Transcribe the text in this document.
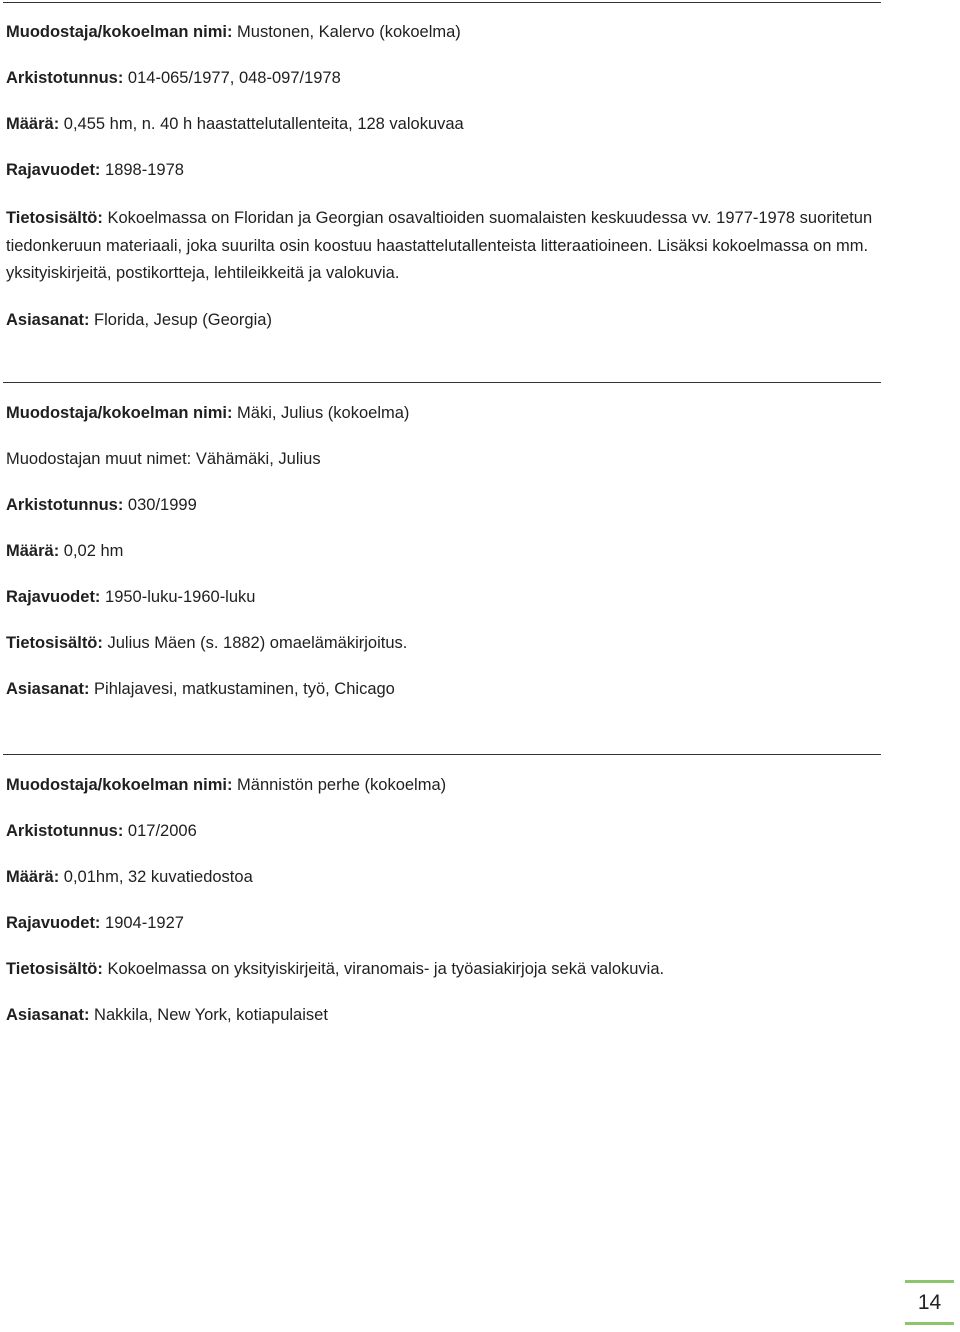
Muodostaja/kokoelman nimi: Mustonen, Kalervo (kokoelma)
Arkistotunnus: 014-065/1977, 048-097/1978
Määrä: 0,455 hm, n. 40 h haastattelutallenteita, 128 valokuvaa
Rajavuodet: 1898-1978
Tietosisältö: Kokoelmassa on Floridan ja Georgian osavaltioiden suomalaisten keskuudessa vv. 1977-1978 suoritetun tiedonkeruun materiaali, joka suurilta osin koostuu haastattelutallenteista litteraatioineen. Lisäksi kokoelmassa on mm. yksityiskirjeitä, postikortteja, lehtileikkeitä ja valokuvia.
Asiasanat: Florida, Jesup (Georgia)
Muodostaja/kokoelman nimi: Mäki, Julius (kokoelma)
Muodostajan muut nimet: Vähämäki, Julius
Arkistotunnus: 030/1999
Määrä: 0,02 hm
Rajavuodet: 1950-luku-1960-luku
Tietosisältö: Julius Mäen (s. 1882) omaelämäkirjoitus.
Asiasanat: Pihlajavesi, matkustaminen, työ, Chicago
Muodostaja/kokoelman nimi: Männistön perhe (kokoelma)
Arkistotunnus: 017/2006
Määrä: 0,01hm, 32 kuvatiedostoa
Rajavuodet: 1904-1927
Tietosisältö: Kokoelmassa on yksityiskirjeitä, viranomais- ja työasiakirjoja sekä valokuvia.
Asiasanat: Nakkila, New York, kotiapulaiset
14
